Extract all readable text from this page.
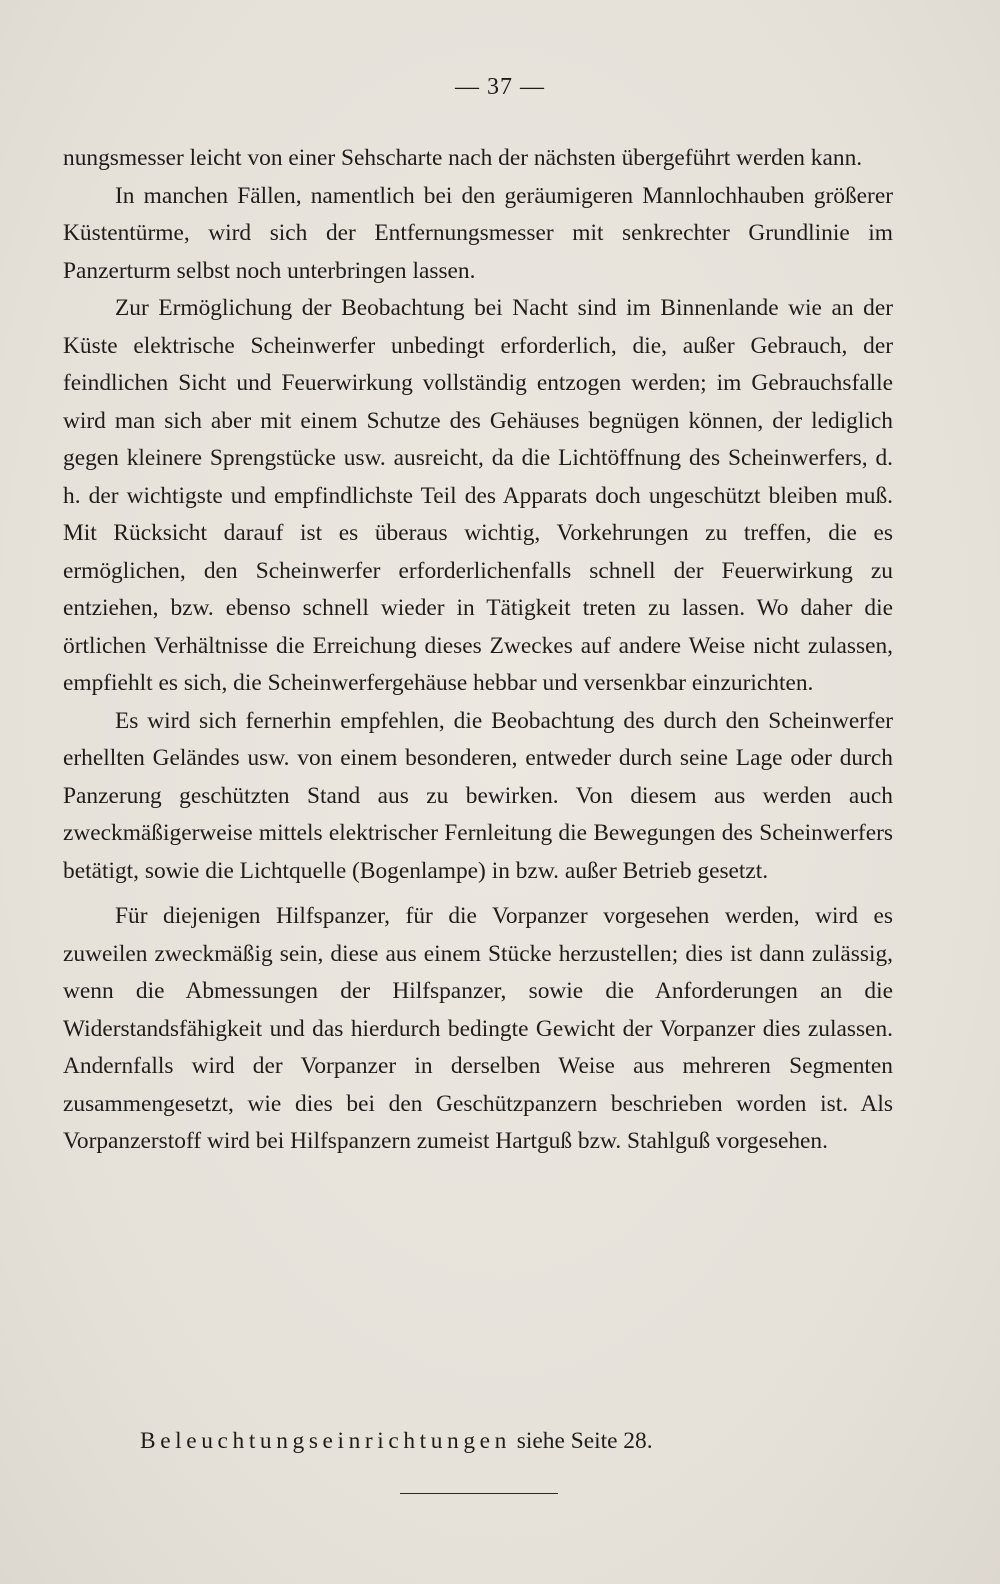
— 37 —

nungsmesser leicht von einer Sehscharte nach der nächsten übergeführt werden kann.

In manchen Fällen, namentlich bei den geräumigeren Mannlochhauben größerer Küstentürme, wird sich der Entfernungsmesser mit senkrechter Grundlinie im Panzerturm selbst noch unterbringen lassen.

Zur Ermöglichung der Beobachtung bei Nacht sind im Binnenlande wie an der Küste elektrische Scheinwerfer unbedingt erforderlich, die, außer Gebrauch, der feindlichen Sicht und Feuerwirkung vollständig entzogen werden; im Gebrauchsfalle wird man sich aber mit einem Schutze des Gehäuses begnügen können, der lediglich gegen kleinere Sprengstücke usw. ausreicht, da die Lichtöffnung des Scheinwerfers, d. h. der wichtigste und empfindlichste Teil des Apparats doch ungeschützt bleiben muß. Mit Rücksicht darauf ist es überaus wichtig, Vorkehrungen zu treffen, die es ermöglichen, den Scheinwerfer erforderlichenfalls schnell der Feuerwirkung zu entziehen, bzw. ebenso schnell wieder in Tätigkeit treten zu lassen. Wo daher die örtlichen Verhältnisse die Erreichung dieses Zweckes auf andere Weise nicht zulassen, empfiehlt es sich, die Scheinwerfergehäuse hebbar und versenkbar einzurichten.

Es wird sich fernerhin empfehlen, die Beobachtung des durch den Scheinwerfer erhellten Geländes usw. von einem besonderen, entweder durch seine Lage oder durch Panzerung geschützten Stand aus zu bewirken. Von diesem aus werden auch zweckmäßigerweise mittels elektrischer Fernleitung die Bewegungen des Scheinwerfers betätigt, sowie die Lichtquelle (Bogenlampe) in bzw. außer Betrieb gesetzt.

Für diejenigen Hilfspanzer, für die Vorpanzer vorgesehen werden, wird es zuweilen zweckmäßig sein, diese aus einem Stücke herzustellen; dies ist dann zulässig, wenn die Abmessungen der Hilfspanzer, sowie die Anforderungen an die Widerstandsfähigkeit und das hierdurch bedingte Gewicht der Vorpanzer dies zulassen. Andernfalls wird der Vorpanzer in derselben Weise aus mehreren Segmenten zusammengesetzt, wie dies bei den Geschützpanzern beschrieben worden ist. Als Vorpanzerstoff wird bei Hilfspanzern zumeist Hartguß bzw. Stahlguß vorgesehen.

Beleuchtungseinrichtungen siehe Seite 28.
